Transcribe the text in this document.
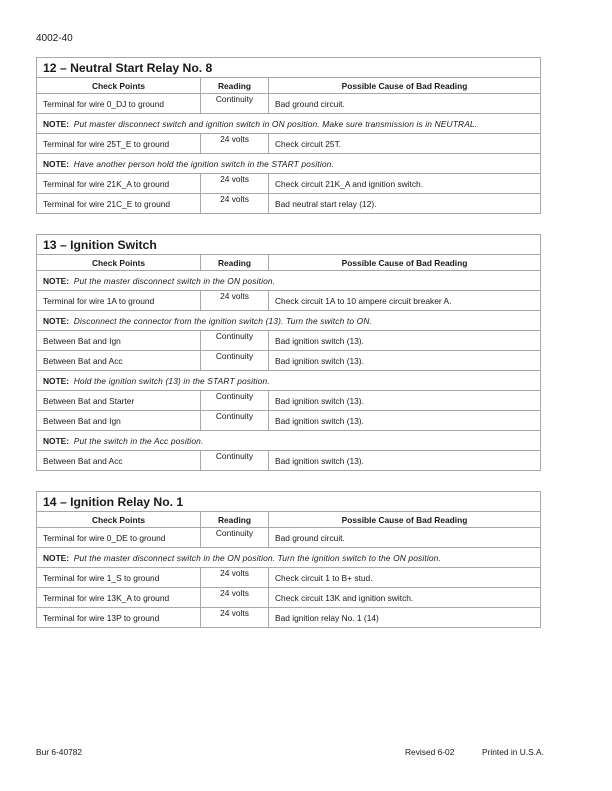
4002-40
12 – Neutral Start Relay No. 8		
Check Points	Reading	Possible Cause of Bad Reading
Terminal for wire 0_DJ to ground	Continuity	Bad ground circuit.
NOTE: Put master disconnect switch and ignition switch in ON position. Make sure transmission is in NEUTRAL.		
Terminal for wire 25T_E to ground	24 volts	Check circuit 25T.
NOTE: Have another person hold the ignition switch in the START position.		
Terminal for wire 21K_A to ground	24 volts	Check circuit 21K_A and ignition switch.
Terminal for wire 21C_E to ground	24 volts	Bad neutral start relay (12).
13 – Ignition Switch		
Check Points	Reading	Possible Cause of Bad Reading
NOTE: Put the master disconnect switch in the ON position.		
Terminal for wire 1A to ground	24 volts	Check circuit 1A to 10 ampere circuit breaker A.
NOTE: Disconnect the connector from the ignition switch (13). Turn the switch to ON.		
Between Bat and Ign	Continuity	Bad ignition switch (13).
Between Bat and Acc	Continuity	Bad ignition switch (13).
NOTE: Hold the ignition switch (13) in the START position.		
Between Bat and Starter	Continuity	Bad ignition switch (13).
Between Bat and Ign	Continuity	Bad ignition switch (13).
NOTE: Put the switch in the Acc position.		
Between Bat and Acc	Continuity	Bad ignition switch (13).
14 – Ignition Relay No. 1		
Check Points	Reading	Possible Cause of Bad Reading
Terminal for wire 0_DE to ground	Continuity	Bad ground circuit.
NOTE: Put the master disconnect switch in the ON position. Turn the ignition switch to the ON position.		
Terminal for wire 1_S to ground	24 volts	Check circuit 1 to B+ stud.
Terminal for wire 13K_A to ground	24 volts	Check circuit 13K and ignition switch.
Terminal for wire 13P to ground	24 volts	Bad ignition relay No. 1 (14)
Bur 6-40782	Revised 6-02	Printed in U.S.A.
